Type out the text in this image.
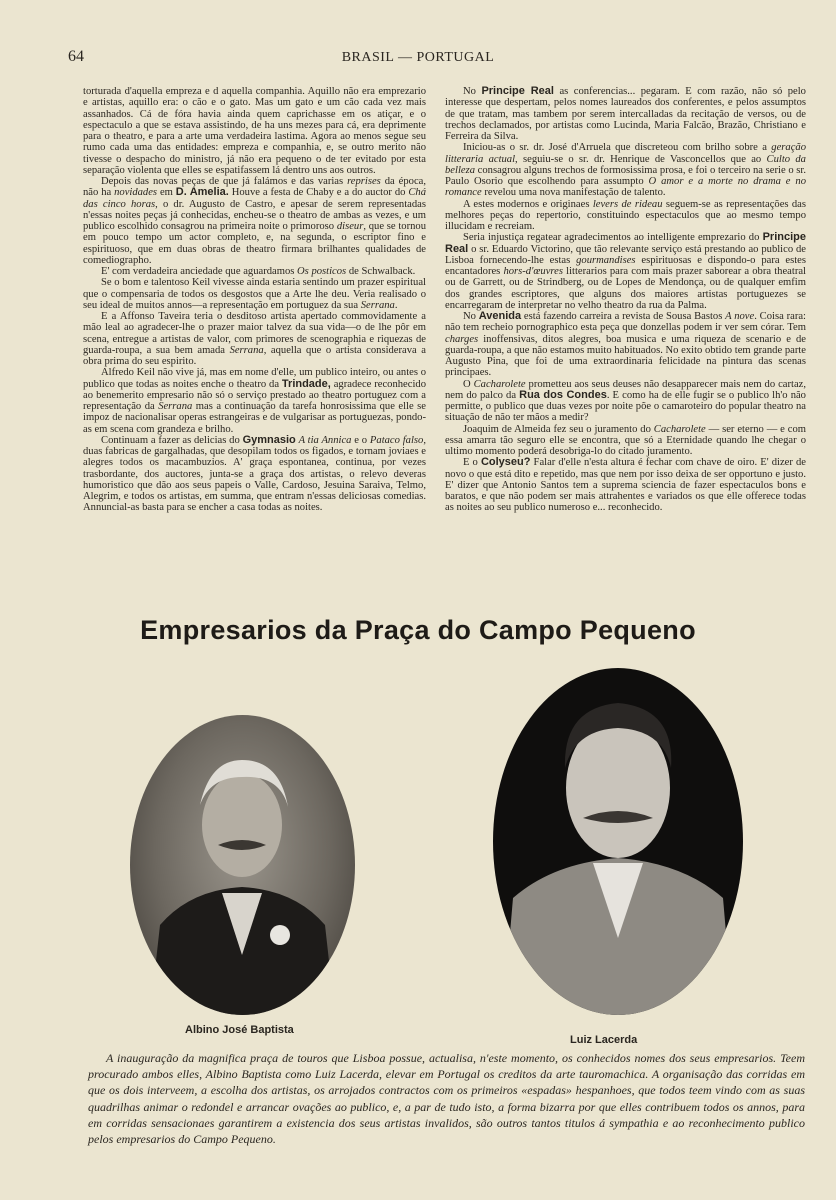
64	BRASIL — PORTUGAL

torturada d'aquella empreza e d aquella companhia. Aquillo não era emprezario e artistas, aquillo era: o cão e o gato. Mas um gato e um cão cada vez mais assanhados. Cá de fóra havia ainda quem caprichasse em os atiçar, e o espectaculo a que se estava assistindo, de ha uns mezes para cá, era deprimente para o theatro, e para a arte uma verdadeira lastima. Agora ao menos segue seu rumo cada uma das entidades: empreza e companhia, e, se outro merito não tivesse o despacho do ministro, já não era pequeno o de ter evitado por esta separação violenta que elles se espatifassem lá dentro uns aos outros.

Depois das novas peças de que já falámos e das varias reprises da época, não ha novidades em D. Amelia. Houve a festa de Chaby e a do auctor do Chá das cinco horas, o dr. Augusto de Castro, e apesar de serem representadas n'essas noites peças já conhecidas, encheu-se o theatro de ambas as vezes, e um publico escolhido consagrou na primeira noite o primoroso diseur, que se tornou em pouco tempo um actor completo, e, na segunda, o escriptor fino e espirituoso, que em duas obras de theatro firmara brilhantes qualidades de comediographo.

E' com verdadeira anciedade que aguardamos Os posticos de Schwalback.

Se o bom e talentoso Keil vivesse ainda estaria sentindo um prazer espiritual que o compensaria de todos os desgostos que a Arte lhe deu. Veria realisado o seu ideal de muitos annos—a representação em portuguez da sua Serrana.

E a Affonso Taveira teria o desditoso artista apertado commovidamente a mão leal ao agradecer-lhe o prazer maior talvez da sua vida—o de lhe pôr em scena, entregue a artistas de valor, com primores de scenographia e riquezas de guarda-roupa, a sua bem amada Serrana, aquella que o artista considerava a obra prima do seu espirito.

Alfredo Keil não vive já, mas em nome d'elle, um publico inteiro, ou antes o publico que todas as noites enche o theatro da Trindade, agradece reconhecido ao benemerito empresario não só o serviço prestado ao theatro portuguez com a representação da Serrana mas a continuação da tarefa honrosissima que elle se impoz de nacionalisar operas estrangeiras e de vulgarisar as portuguezas, pondo-as em scena com grandeza e brilho.

Continuam a fazer as delicias do Gymnasio A tia Annica e o Pataco falso, duas fabricas de gargalhadas, que desopilam todos os figados, e tornam joviaes e alegres todos os macambuzios. A' graça espontanea, continua, por vezes trasbordante, dos auctores, junta-se a graça dos artistas, o relevo deveras humoristico que dão aos seus papeis o Valle, Cardoso, Jesuina Saraiva, Telmo, Alegrim, e todos os artistas, em summa, que entram n'essas deliciosas comedias. Annuncial-as basta para se encher a casa todas as noites.

No Principe Real as conferencias... pegaram. E com razão, não só pelo interesse que despertam, pelos nomes laureados dos conferentes, e pelos assumptos de que tratam, mas tambem por serem intercalladas da recitação de versos, ou de trechos declamados, por artistas como Lucinda, Maria Falcão, Brazão, Christiano e Ferreira da Silva.

Iniciou-as o sr. dr. José d'Arruela que discreteou com brilho sobre a geração litteraria actual, seguiu-se o sr. dr. Henrique de Vasconcellos que ao Culto da belleza consagrou alguns trechos de formosissima prosa, e foi o terceiro na serie o sr. Paulo Osorio que escolhendo para assumpto O amor e a morte no drama e no romance revelou uma nova manifestação de talento.

A estes modernos e originaes levers de rideau seguem-se as representações das melhores peças do repertorio, constituindo espectaculos que ao mesmo tempo illucidam e recreiam.

Seria injustiça regatear agradecimentos ao intelligente emprezario do Principe Real o sr. Eduardo Victorino, que tão relevante serviço está prestando ao publico de Lisboa fornecendo-lhe estas gourmandises espirituosas e dispondo-o para estes encantadores hors-d'œuvres litterarios para com mais prazer saborear a obra theatral ou de Garrett, ou de Strindberg, ou de Lopes de Mendonça, ou de qualquer emfim dos grandes escriptores, que alguns dos maiores artistas portuguezes se encarregaram de interpretar no velho theatro da rua da Palma.

No Avenida está fazendo carreira a revista de Sousa Bastos A nove. Coisa rara: não tem recheio pornographico esta peça que donzellas podem ir ver sem córar. Tem charges inoffensivas, ditos alegres, boa musica e uma riqueza de scenario e de guarda-roupa, a que não estamos muito habituados. No exito obtido tem grande parte Augusto Pina, que foi de uma extraordinaria felicidade na pintura das scenas principaes.

O Cacharolete prometteu aos seus deuses não desapparecer mais nem do cartaz, nem do palco da Rua dos Condes. E como ha de elle fugir se o publico lh'o não permitte, o publico que duas vezes por noite põe o camaroteiro do popular theatro na situação de não ter mãos a medir?

Joaquim de Almeida fez seu o juramento do Cacharolete — ser eterno — e com essa amarra tão seguro elle se encontra, que só a Eternidade quando lhe chegar o ultimo momento poderá desobriga-lo do citado juramento.

E o Colyseu? Falar d'elle n'esta altura é fechar com chave de oiro. E' dizer de novo o que está dito e repetido, mas que nem por isso deixa de ser opportuno e justo. E' dizer que Antonio Santos tem a suprema sciencia de fazer espectaculos bons e baratos, e que não podem ser mais attrahentes e variados os que elle offerece todas as noites ao seu publico numeroso e... reconhecido.

Empresarios da Praça do Campo Pequeno
Albino José Baptista
Luiz Lacerda
A inauguração da magnifica praça de touros que Lisboa possue, actualisa, n'este momento, os conhecidos nomes dos seus empresarios. Teem procurado ambos elles, Albino Baptista como Luiz Lacerda, elevar em Portugal os creditos da arte tauromachica. A organisação das corridas em que os dois interveem, a escolha dos artistas, os arrojados contractos com os primeiros «espadas» hespanhoes, que todos teem vindo com as suas quadrilhas animar o redondel e arrancar ovações ao publico, e, a par de tudo isto, a forma bizarra por que elles contribuem todos os annos, para em corridas sensacionaes garantirem a existencia dos seus artistas invalidos, são outros tantos titulos á sympathia e ao reconhecimento publico pelos empresarios do Campo Pequeno.
